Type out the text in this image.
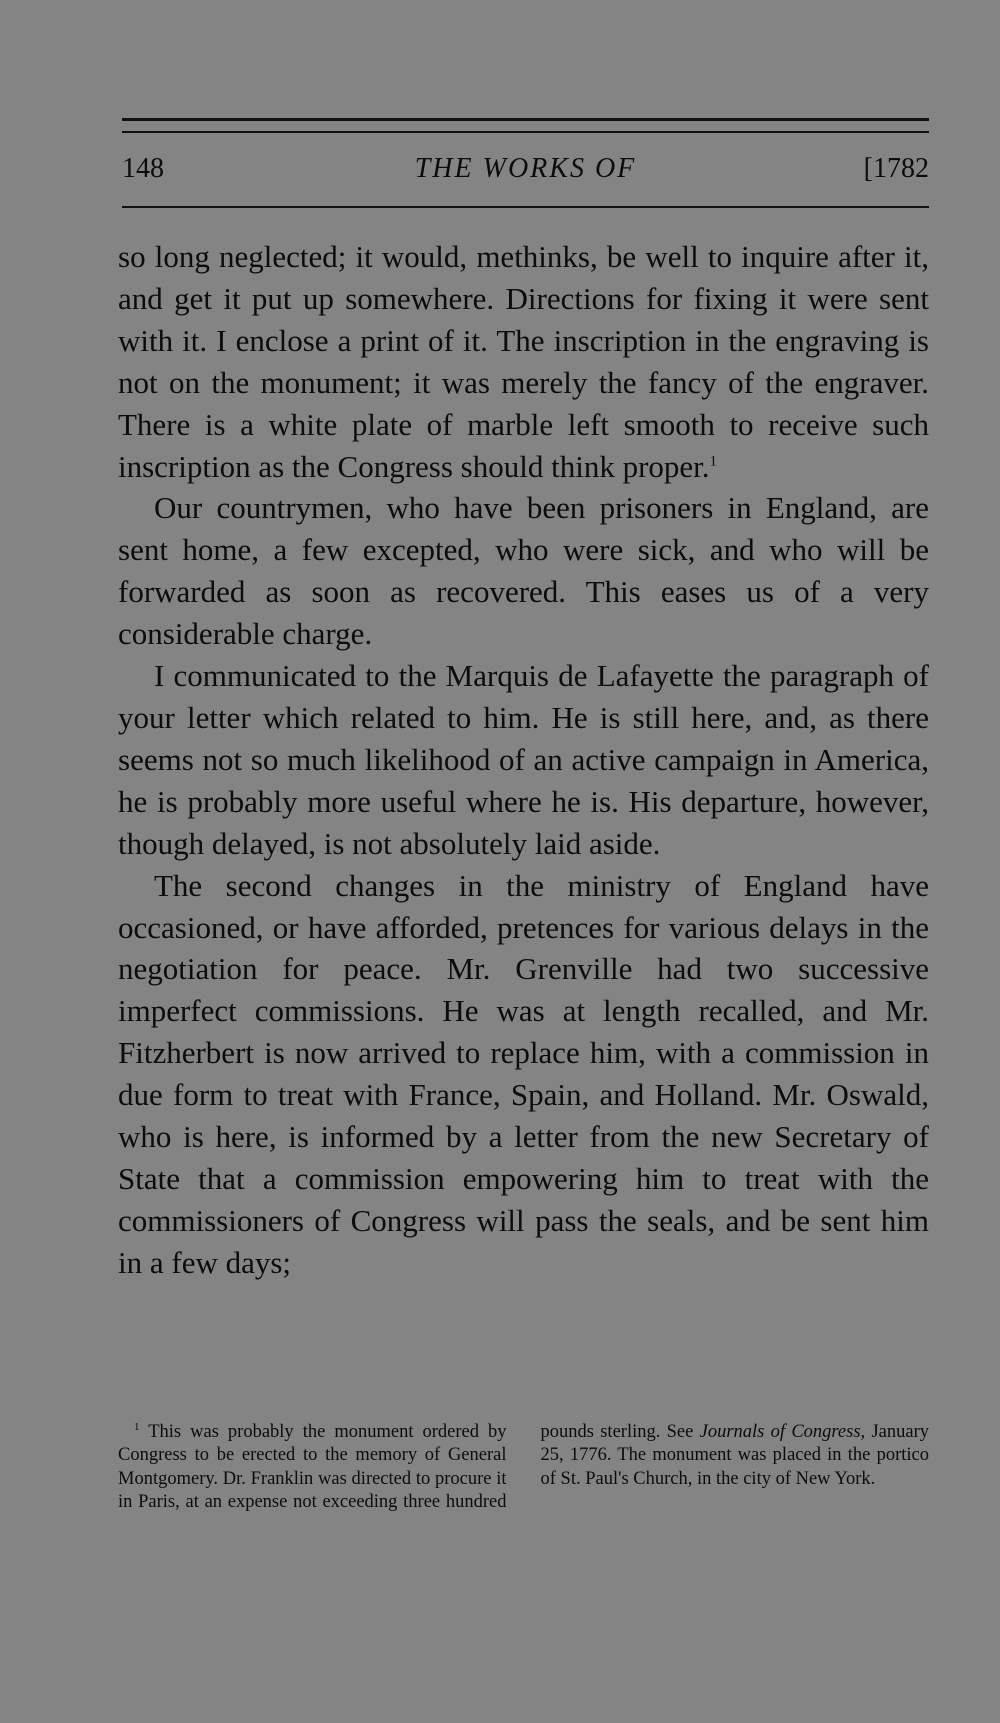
148	THE WORKS OF	[1782

so long neglected; it would, methinks, be well to inquire after it, and get it put up somewhere. Directions for fixing it were sent with it. I enclose a print of it. The inscription in the engraving is not on the monument; it was merely the fancy of the engraver. There is a white plate of marble left smooth to receive such inscription as the Congress should think proper.$^1$

Our countrymen, who have been prisoners in England, are sent home, a few excepted, who were sick, and who will be forwarded as soon as recovered. This eases us of a very considerable charge.

I communicated to the Marquis de Lafayette the paragraph of your letter which related to him. He is still here, and, as there seems not so much likelihood of an active campaign in America, he is probably more useful where he is. His departure, however, though delayed, is not absolutely laid aside.

The second changes in the ministry of England have occasioned, or have afforded, pretences for various delays in the negotiation for peace. Mr. Grenville had two successive imperfect commissions. He was at length recalled, and Mr. Fitzherbert is now arrived to replace him, with a commission in due form to treat with France, Spain, and Holland. Mr. Oswald, who is here, is informed by a letter from the new Secretary of State that a commission empowering him to treat with the commissioners of Congress will pass the seals, and be sent him in a few days;

$^1$ This was probably the monument ordered by Congress to be erected to the memory of General Montgomery. Dr. Franklin was directed to procure it in Paris, at an expense not exceeding three hundred pounds sterling. See Journals of Congress, January 25, 1776. The monument was placed in the portico of St. Paul's Church, in the city of New York.
